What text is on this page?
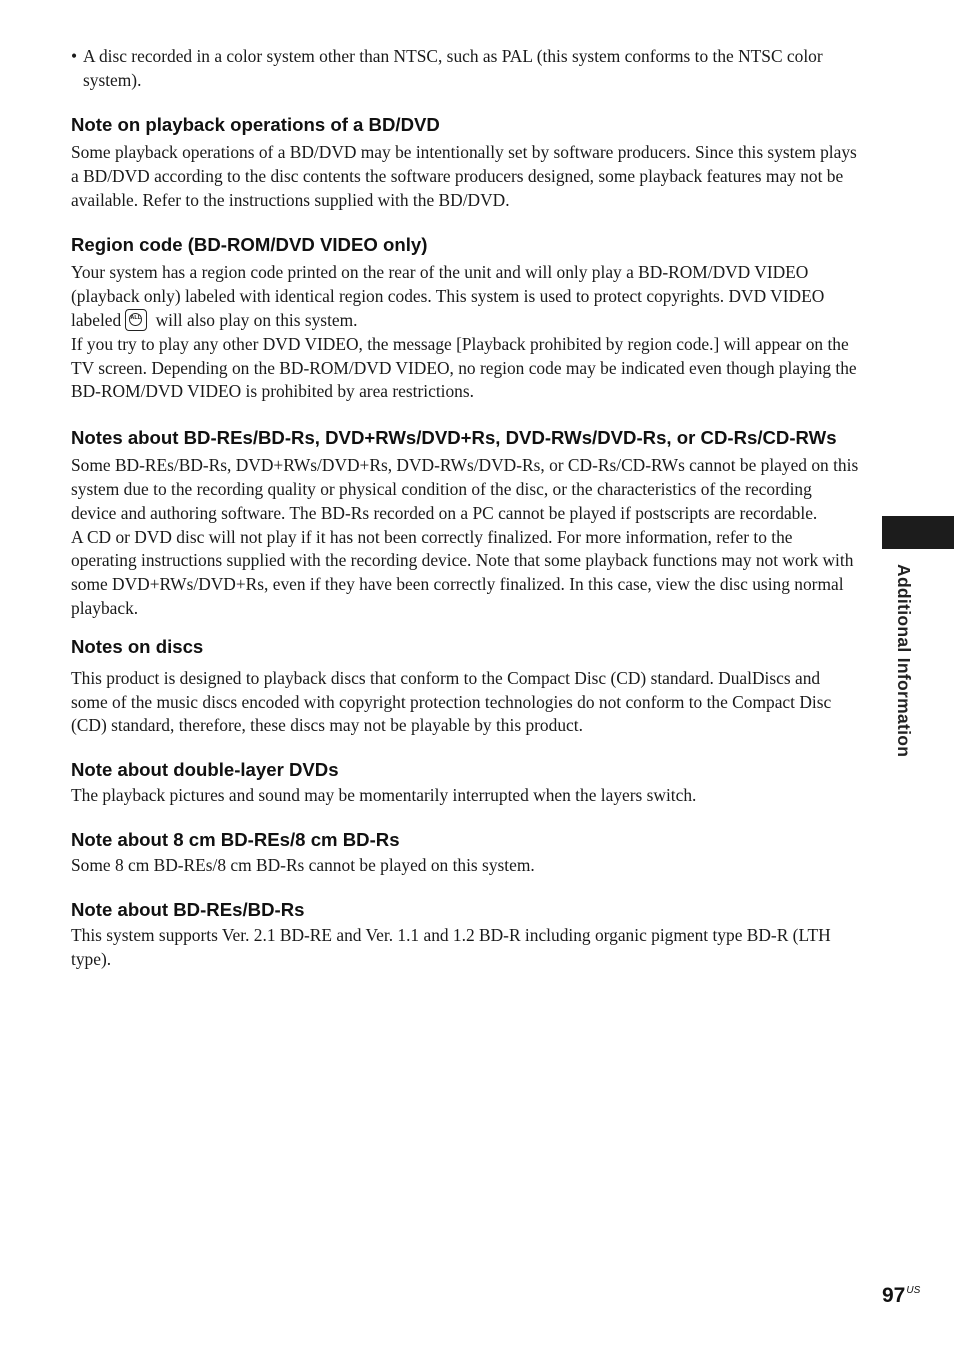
• A disc recorded in a color system other than NTSC, such as PAL (this system conforms to the NTSC color system).
Note on playback operations of a BD/DVD

Some playback operations of a BD/DVD may be intentionally set by software producers. Since this system plays a BD/DVD according to the disc contents the software producers designed, some playback features may not be available. Refer to the instructions supplied with the BD/DVD.

Region code (BD-ROM/DVD VIDEO only)

Your system has a region code printed on the rear of the unit and will only play a BD-ROM/DVD VIDEO (playback only) labeled with identical region codes. This system is used to protect copyrights. DVD VIDEO labeled	ALL will also play on this system.

If you try to play any other DVD VIDEO, the message [Playback prohibited by region code.] will appear on the TV screen. Depending on the BD-ROM/DVD VIDEO, no region code may be indicated even though playing the BD-ROM/DVD VIDEO is prohibited by area restrictions.

Notes about BD-REs/BD-Rs, DVD+RWs/DVD+Rs, DVD-RWs/DVD-Rs, or CD-Rs/CD-RWs

Some BD-REs/BD-Rs, DVD+RWs/DVD+Rs, DVD-RWs/DVD-Rs, or CD-Rs/CD-RWs cannot be played on this system due to the recording quality or physical condition of the disc, or the characteristics of the recording device and authoring software. The BD-Rs recorded on a PC cannot be played if postscripts are recordable.

A CD or DVD disc will not play if it has not been correctly finalized. For more information, refer to the operating instructions supplied with the recording device. Note that some playback functions may not work with some DVD+RWs/DVD+Rs, even if they have been correctly finalized. In this case, view the disc using normal playback.

Notes on discs

This product is designed to playback discs that conform to the Compact Disc (CD) standard. DualDiscs and some of the music discs encoded with copyright protection technologies do not conform to the Compact Disc (CD) standard, therefore, these discs may not be playable by this product.

Note about double-layer DVDs

The playback pictures and sound may be momentarily interrupted when the layers switch.

Note about 8 cm BD-REs/8 cm BD-Rs

Some 8 cm BD-REs/8 cm BD-Rs cannot be played on this system.

Note about BD-REs/BD-Rs

This system supports Ver. 2.1 BD-RE and Ver. 1.1 and 1.2 BD-R including organic pigment type BD-R (LTH type).

Additional Information
$97^{US}$
